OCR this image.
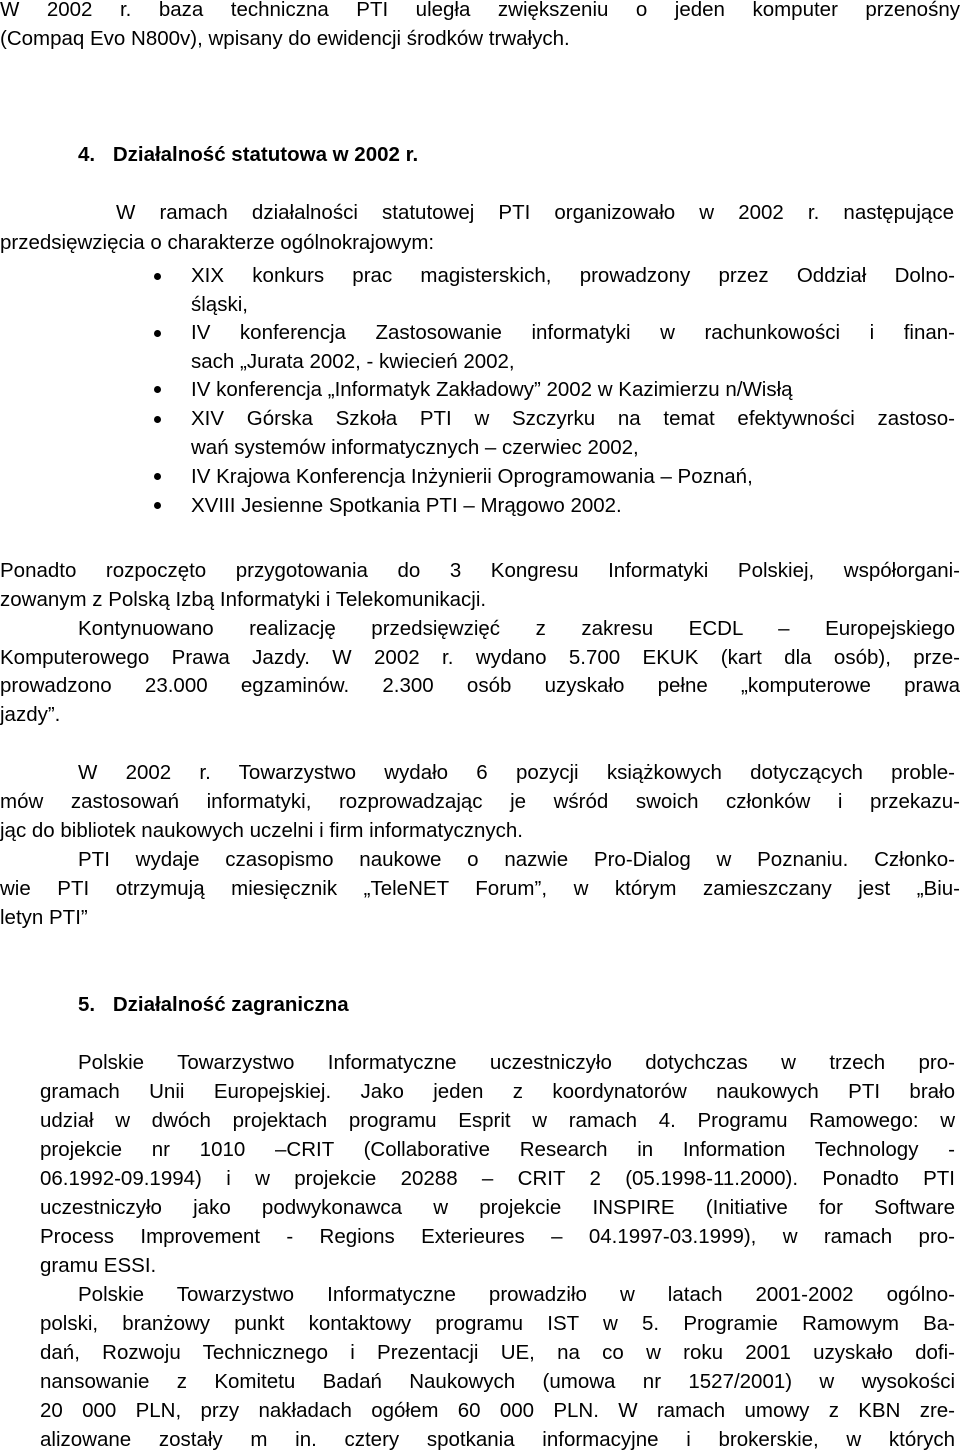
W 2002 r. baza techniczna PTI uległa zwiększeniu o jeden komputer przenośny
(Compaq Evo N800v), wpisany do ewidencji środków trwałych.
4. Działalność statutowa w 2002 r.
W ramach działalności statutowej PTI organizowało w 2002 r. następujące
przedsięwzięcia o charakterze ogólnokrajowym:
XIX konkurs prac magisterskich, prowadzony przez Oddział Dolno-
śląski,
IV konferencja Zastosowanie informatyki w rachunkowości i finan-
sach „Jurata 2002, - kwiecień 2002,
IV konferencja „Informatyk Zakładowy” 2002 w Kazimierzu n/Wisłą
XIV Górska Szkoła PTI w Szczyrku na temat efektywności zastoso-
wań systemów informatycznych – czerwiec 2002,
IV Krajowa Konferencja Inżynierii Oprogramowania – Poznań,
XVIII Jesienne Spotkania PTI – Mrągowo 2002.
Ponadto rozpoczęto przygotowania do 3 Kongresu Informatyki Polskiej, współorgani-
zowanym z Polską Izbą Informatyki i Telekomunikacji.
Kontynuowano realizację przedsięwzięć z zakresu ECDL – Europejskiego
Komputerowego Prawa Jazdy. W 2002 r. wydano 5.700 EKUK (kart dla osób), prze-
prowadzono 23.000 egzaminów. 2.300 osób uzyskało pełne „komputerowe prawa
jazdy”.
W 2002 r. Towarzystwo wydało 6 pozycji książkowych dotyczących proble-
mów zastosowań informatyki, rozprowadzając je wśród swoich członków i przekazu-
jąc do bibliotek naukowych uczelni i firm informatycznych.
PTI wydaje czasopismo naukowe o nazwie Pro-Dialog w Poznaniu. Członko-
wie PTI otrzymują miesięcznik „TeleNET Forum”, w którym zamieszczany jest „Biu-
letyn PTI”
5. Działalność zagraniczna
Polskie Towarzystwo Informatyczne uczestniczyło dotychczas w trzech pro-
gramach Unii Europejskiej. Jako jeden z koordynatorów naukowych PTI brało
udział w dwóch projektach programu Esprit w ramach 4. Programu Ramowego: w
projekcie nr 1010 –CRIT (Collaborative Research in Information Technology -
06.1992-09.1994) i w projekcie 20288 – CRIT 2 (05.1998-11.2000). Ponadto PTI
uczestniczyło jako podwykonawca w projekcie INSPIRE (Initiative for Software
Process Improvement - Regions Exterieures – 04.1997-03.1999), w ramach pro-
gramu ESSI.
Polskie Towarzystwo Informatyczne prowadziło w latach 2001-2002 ogólno-
polski, branżowy punkt kontaktowy programu IST w 5. Programie Ramowym Ba-
dań, Rozwoju Technicznego i Prezentacji UE, na co w roku 2001 uzyskało dofi-
nansowanie z Komitetu Badań Naukowych (umowa nr 1527/2001) w wysokości
20 000 PLN, przy nakładach ogółem 60 000 PLN. W ramach umowy z KBN zre-
alizowane zostały m in. cztery spotkania informacyjne i brokerskie, w których
